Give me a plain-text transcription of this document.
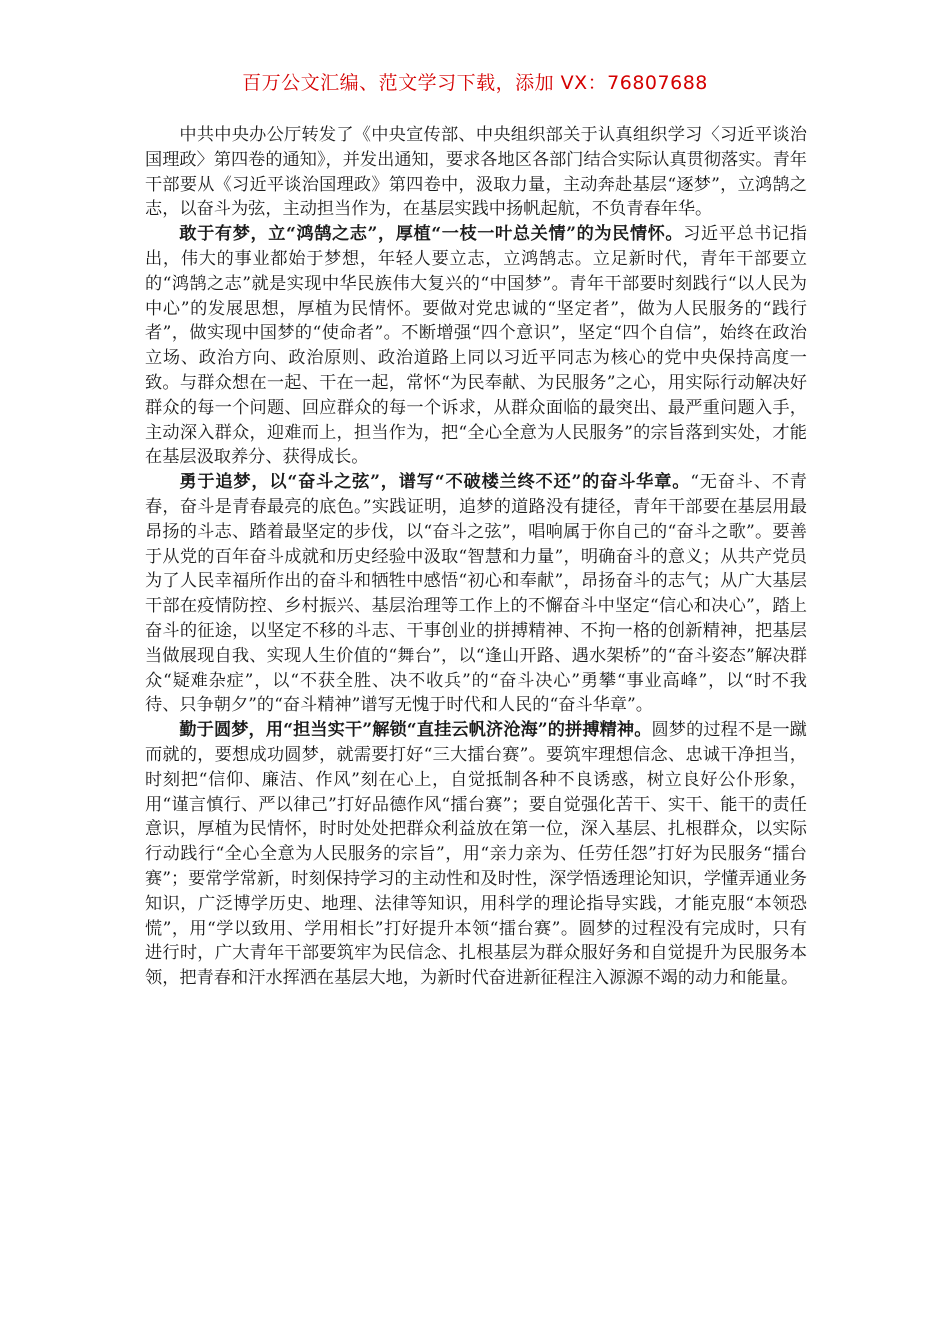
百万公文汇编、范文学习下载，添加 VX：76807688

中共中央办公厅转发了《中央宣传部、中央组织部关于认真组织学习〈习近平谈治国理政〉第四卷的通知》，并发出通知，要求各地区各部门结合实际认真贯彻落实。青年干部要从《习近平谈治国理政》第四卷中，汲取力量，主动奔赴基层“逐梦”，立鸿鹄之志，以奋斗为弦，主动担当作为，在基层实践中扬帆起航，不负青春年华。

敢于有梦，立“鸿鹄之志”，厚植“一枝一叶总关情”的为民情怀。习近平总书记指出，伟大的事业都始于梦想，年轻人要立志，立鸿鹄志。立足新时代，青年干部要立的“鸿鹄之志”就是实现中华民族伟大复兴的“中国梦”。青年干部要时刻践行“以人民为中心”的发展思想，厚植为民情怀。要做对党忠诚的“坚定者”，做为人民服务的“践行者”，做实现中国梦的“使命者”。不断增强“四个意识”，坚定“四个自信”，始终在政治立场、政治方向、政治原则、政治道路上同以习近平同志为核心的党中央保持高度一致。与群众想在一起、干在一起，常怀“为民奉献、为民服务”之心，用实际行动解决好群众的每一个问题、回应群众的每一个诉求，从群众面临的最突出、最严重问题入手，主动深入群众，迎难而上，担当作为，把“全心全意为人民服务”的宗旨落到实处，才能在基层汲取养分、获得成长。

勇于追梦，以“奋斗之弦”，谱写“不破楼兰终不还”的奋斗华章。“无奋斗、不青春，奋斗是青春最亮的底色。”实践证明，追梦的道路没有捷径，青年干部要在基层用最昂扬的斗志、踏着最坚定的步伐，以“奋斗之弦”，唱响属于你自己的“奋斗之歌”。要善于从党的百年奋斗成就和历史经验中汲取“智慧和力量”，明确奋斗的意义；从共产党员为了人民幸福所作出的奋斗和牺牲中感悟“初心和奉献”，昂扬奋斗的志气；从广大基层干部在疫情防控、乡村振兴、基层治理等工作上的不懈奋斗中坚定“信心和决心”，踏上奋斗的征途，以坚定不移的斗志、干事创业的拼搏精神、不拘一格的创新精神，把基层当做展现自我、实现人生价值的“舞台”，以“逢山开路、遇水架桥”的“奋斗姿态”解决群众“疑难杂症”，以“不获全胜、决不收兵”的“奋斗决心”勇攀“事业高峰”，以“时不我待、只争朝夕”的“奋斗精神”谱写无愧于时代和人民的“奋斗华章”。

勤于圆梦，用“担当实干”解锁“直挂云帆济沧海”的拼搏精神。圆梦的过程不是一蹴而就的，要想成功圆梦，就需要打好“三大擂台赛”。要筑牢理想信念、忠诚干净担当，时刻把“信仰、廉洁、作风”刻在心上，自觉抵制各种不良诱惑，树立良好公仆形象，用“谨言慎行、严以律己”打好品德作风“擂台赛”；要自觉强化苦干、实干、能干的责任意识，厚植为民情怀，时时处处把群众利益放在第一位，深入基层、扎根群众，以实际行动践行“全心全意为人民服务的宗旨”，用“亲力亲为、任劳任怨”打好为民服务“擂台赛”；要常学常新，时刻保持学习的主动性和及时性，深学悟透理论知识，学懂弄通业务知识，广泛博学历史、地理、法律等知识，用科学的理论指导实践，才能克服“本领恐慌”，用“学以致用、学用相长”打好提升本领“擂台赛”。圆梦的过程没有完成时，只有进行时，广大青年干部要筑牢为民信念、扎根基层为群众服好务和自觉提升为民服务本领，把青春和汗水挥洒在基层大地，为新时代奋进新征程注入源源不竭的动力和能量。
